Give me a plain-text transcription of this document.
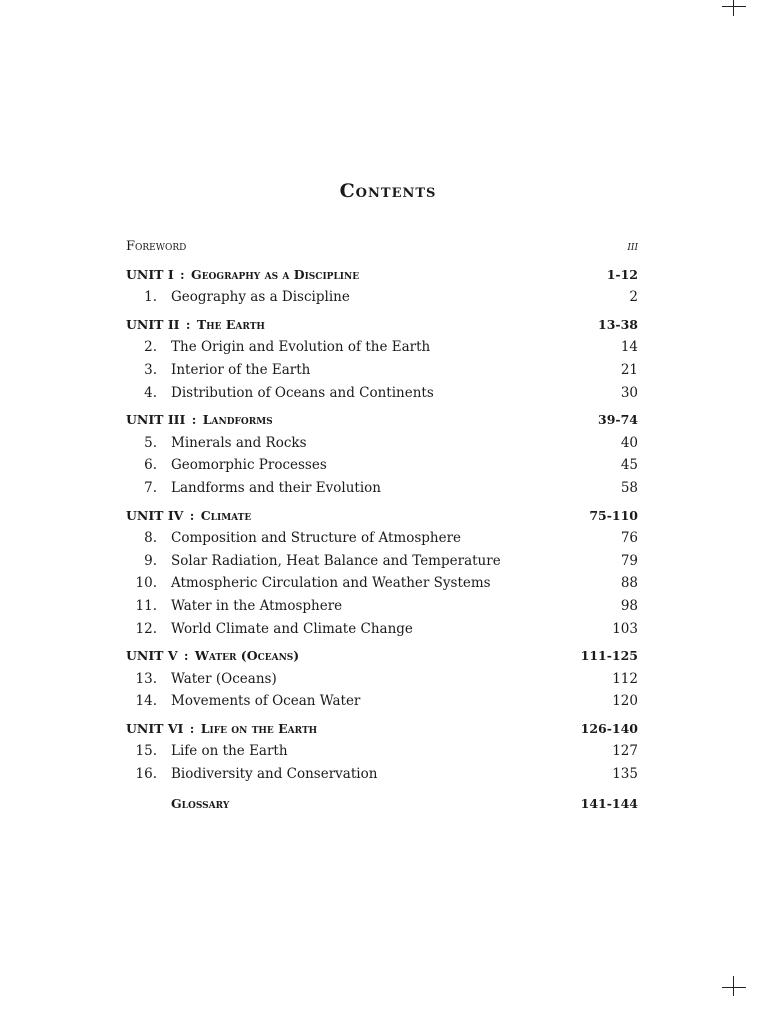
Contents
Foreword	iii
UNIT I : Geography as a Discipline	1-12
1. Geography as a Discipline	2
UNIT II : The Earth	13-38
2. The Origin and Evolution of the Earth	14
3. Interior of the Earth	21
4. Distribution of Oceans and Continents	30
UNIT III : Landforms	39-74
5. Minerals and Rocks	40
6. Geomorphic Processes	45
7. Landforms and their Evolution	58
UNIT IV : Climate	75-110
8. Composition and Structure of Atmosphere	76
9. Solar Radiation, Heat Balance and Temperature	79
10. Atmospheric Circulation and Weather Systems	88
11. Water in the Atmosphere	98
12. World Climate and Climate Change	103
UNIT V : Water (Oceans)	111-125
13. Water (Oceans)	112
14. Movements of Ocean Water	120
UNIT VI : Life on the Earth	126-140
15. Life on the Earth	127
16. Biodiversity and Conservation	135
Glossary	141-144
